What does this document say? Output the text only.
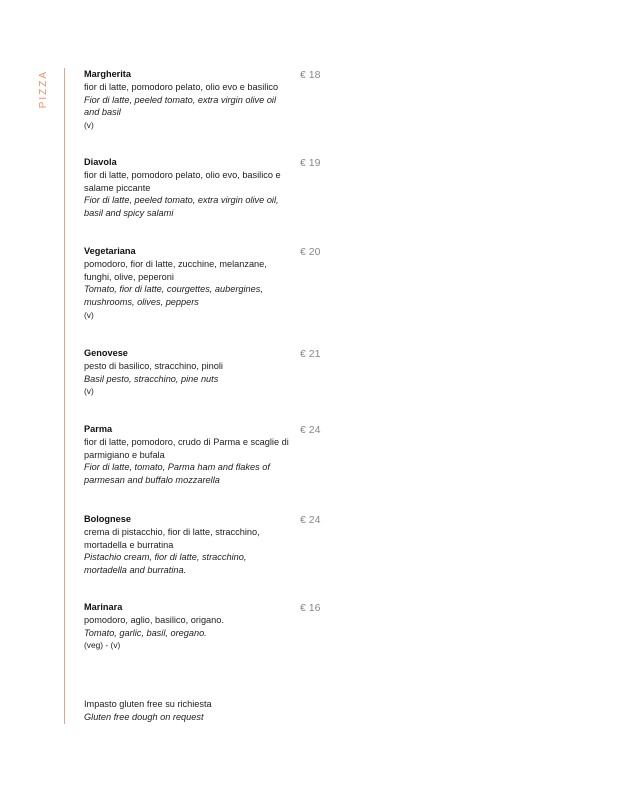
PIZZA	Margherita
fior di latte, pomodoro pelato, olio evo e basilico
Fior di latte, peeled tomato, extra virgin olive oil and basil
(v)
€ 18
Diavola
fior di latte, pomodoro pelato, olio evo, basilico e salame piccante
Fior di latte, peeled tomato, extra virgin olive oil, basil and spicy salami
€ 19
Vegetariana
pomodoro, fior di latte, zucchine, melanzane, funghi, olive, peperoni
Tomato, fior di latte, courgettes, aubergines, mushrooms, olives, peppers
(v)
€ 20
Genovese
pesto di basilico, stracchino, pinoli
Basil pesto, stracchino, pine nuts
(v)
€ 21
Parma
fior di latte, pomodoro, crudo di Parma e scaglie di parmigiano e bufala
Fior di latte, tomato, Parma ham and flakes of parmesan and buffalo mozzarella
€ 24
Bolognese
crema di pistacchio, fior di latte, stracchino, mortadella e burratina
Pistachio cream, fior di latte, stracchino, mortadella and burratina.
€ 24
Marinara
pomodoro, aglio, basilico, origano.
Tomato, garlic, basil, oregano.
(veg) - (v)
€ 16
Impasto gluten free su richiesta
Gluten free dough on request
